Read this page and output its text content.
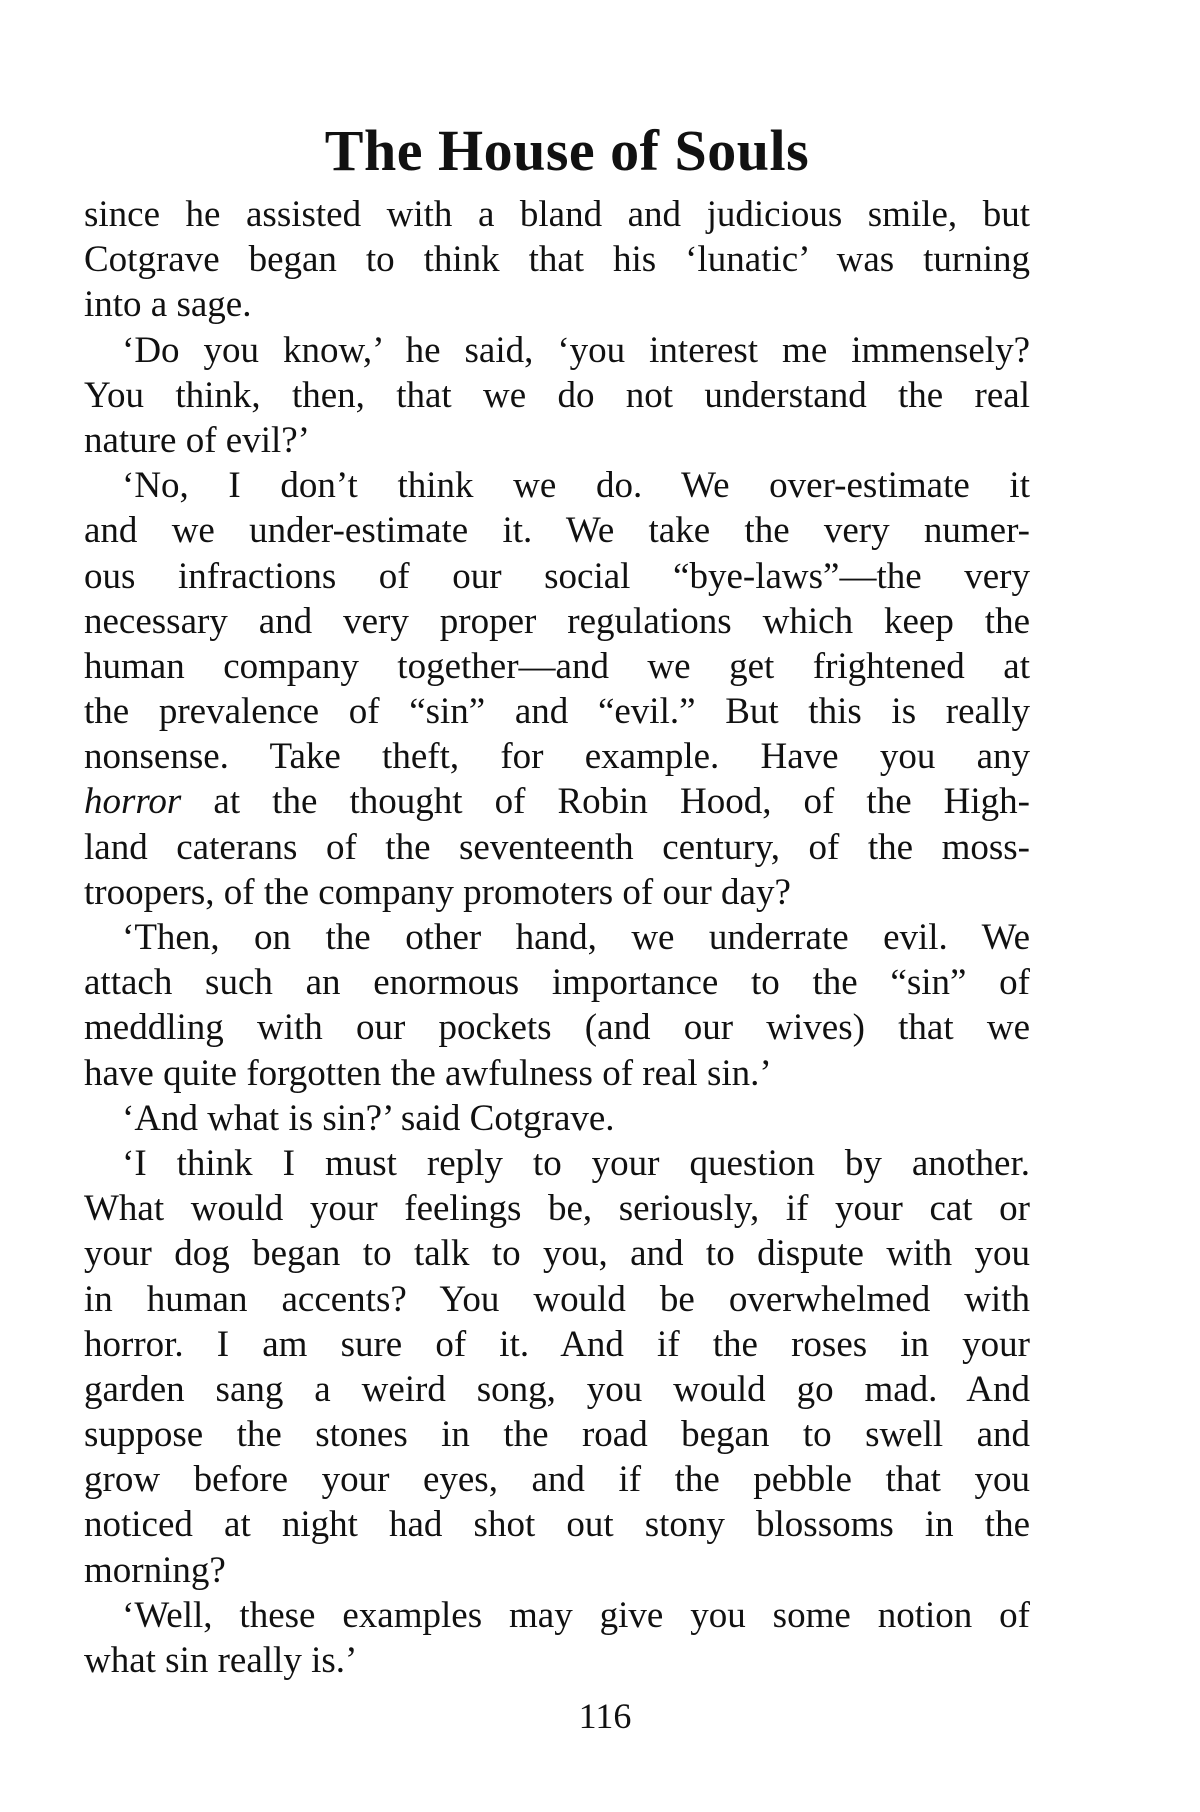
The House of Souls
since he assisted with a bland and judicious smile, but
Cotgrave began to think that his ‘lunatic’ was turning
into a sage.
‘Do you know,’ he said, ‘you interest me immensely?
You think, then, that we do not understand the real
nature of evil?’
‘No, I don’t think we do. We over-estimate it
and we under-estimate it. We take the very numer-
ous infractions of our social “bye-laws”—the very
necessary and very proper regulations which keep the
human company together—and we get frightened at
the prevalence of “sin” and “evil.” But this is really
nonsense. Take theft, for example. Have you any
horror at the thought of Robin Hood, of the High-
land caterans of the seventeenth century, of the moss-
troopers, of the company promoters of our day?
‘Then, on the other hand, we underrate evil. We
attach such an enormous importance to the “sin” of
meddling with our pockets (and our wives) that we
have quite forgotten the awfulness of real sin.’
‘And what is sin?’ said Cotgrave.
‘I think I must reply to your question by another.
What would your feelings be, seriously, if your cat or
your dog began to talk to you, and to dispute with you
in human accents? You would be overwhelmed with
horror. I am sure of it. And if the roses in your
garden sang a weird song, you would go mad. And
suppose the stones in the road began to swell and
grow before your eyes, and if the pebble that you
noticed at night had shot out stony blossoms in the
morning?
‘Well, these examples may give you some notion of
what sin really is.’
116
